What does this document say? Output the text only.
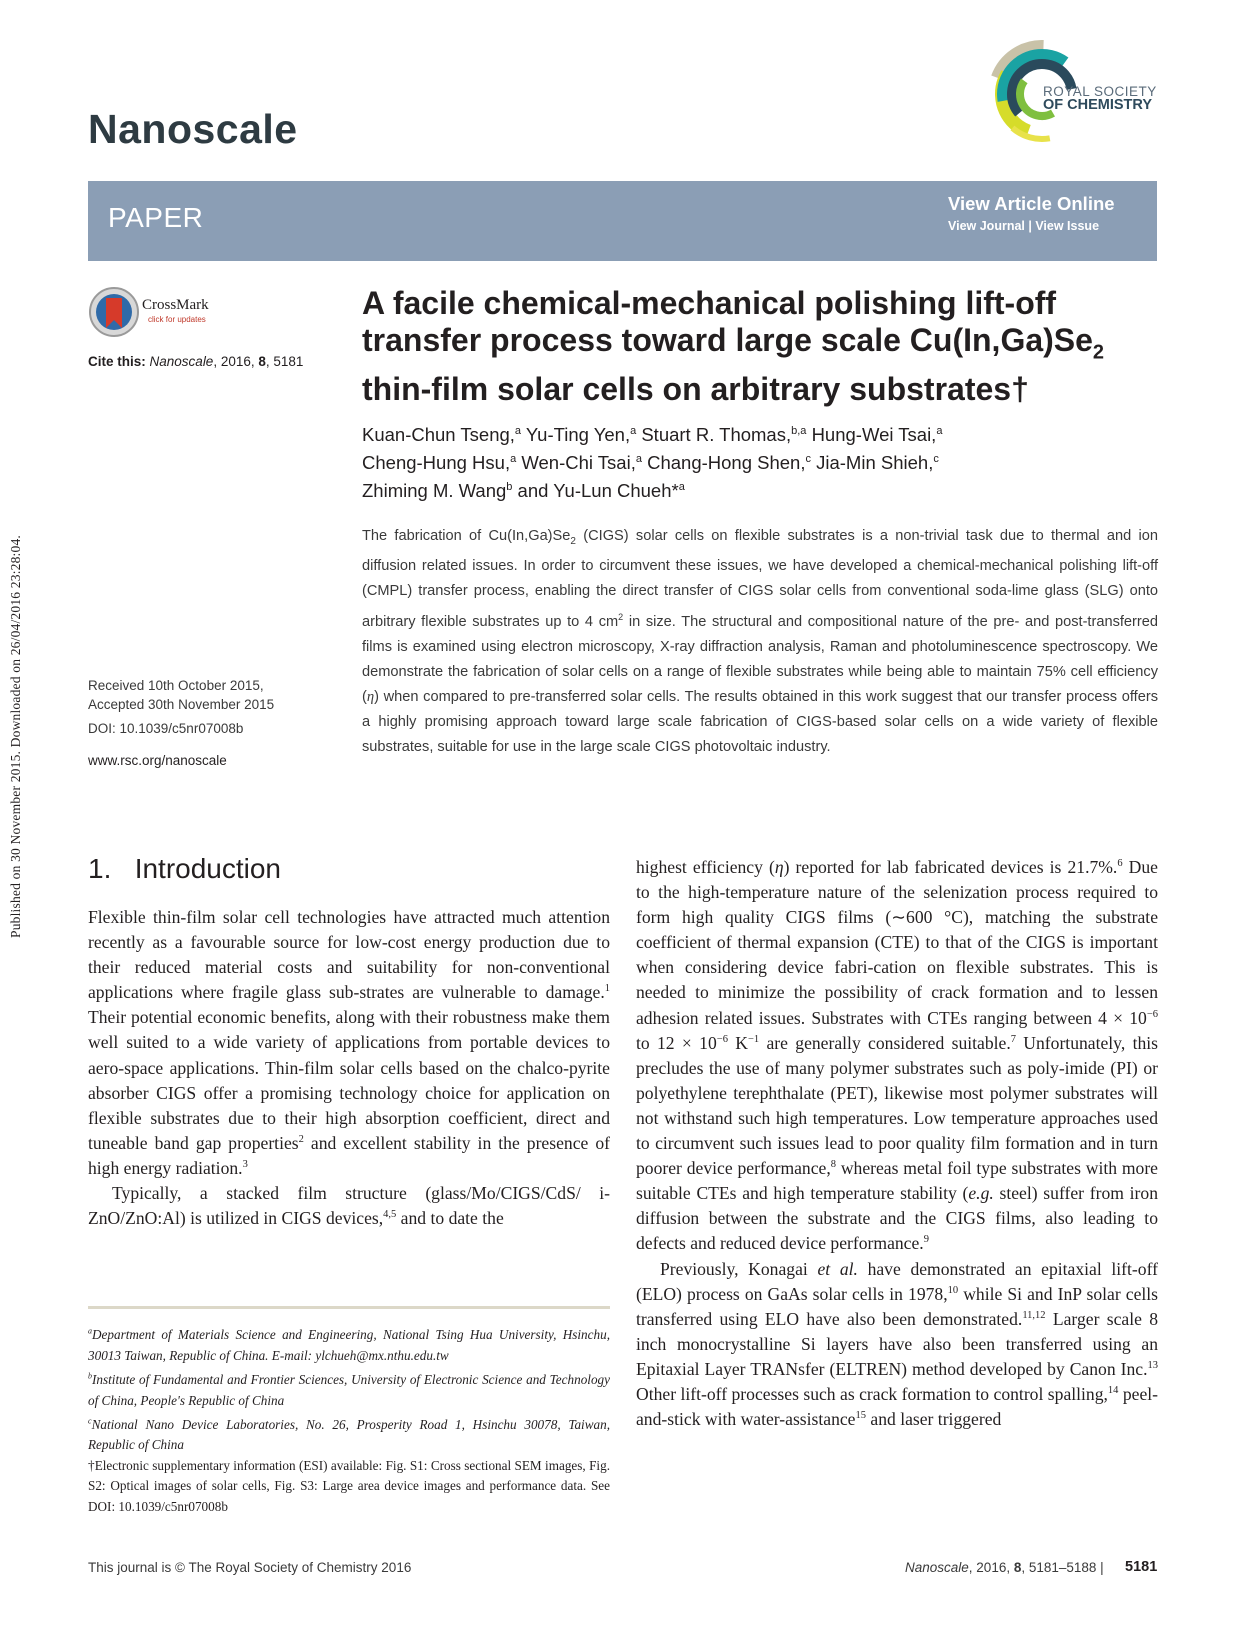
Published on 30 November 2015. Downloaded on 26/04/2016 23:28:04.
Nanoscale
ROYAL SOCIETY
OF CHEMISTRY
PAPER	View Article Online
View Journal | View Issue
CrossMark
click for updates
Cite this: Nanoscale, 2016, 8, 5181
A facile chemical-mechanical polishing lift-off
transfer process toward large scale $Cu(In,Ga)Se_2$
thin-film solar cells on arbitrary substrates†
Kuan-Chun Tseng,$^a$ Yu-Ting Yen,$^a$ Stuart R. Thomas,$^{b,a}$ Hung-Wei Tsai,$^a$
Cheng-Hung Hsu,$^a$ Wen-Chi Tsai,$^a$ Chang-Hong Shen,$^c$ Jia-Min Shieh,$^c$
Zhiming M. Wang$^b$ and Yu-Lun Chueh*$^a$
The fabrication of $Cu(In,Ga)Se_2$ (CIGS) solar cells on flexible substrates is a non-trivial task due to thermal and ion diffusion related issues. In order to circumvent these issues, we have developed a chemical-mechanical polishing lift-off (CMPL) transfer process, enabling the direct transfer of CIGS solar cells from conventional soda-lime glass (SLG) onto arbitrary flexible substrates up to 4 $cm^2$ in size. The structural and compositional nature of the pre- and post-transferred films is examined using electron microscopy, X-ray diffraction analysis, Raman and photoluminescence spectroscopy. We demonstrate the fabrication of solar cells on a range of flexible substrates while being able to maintain 75% cell efficiency (η) when compared to pre-transferred solar cells. The results obtained in this work suggest that our transfer process offers a highly promising approach toward large scale fabrication of CIGS-based solar cells on a wide variety of flexible substrates, suitable for use in the large scale CIGS photovoltaic industry.
Received 10th October 2015,
Accepted 30th November 2015
DOI: 10.1039/c5nr07008b
www.rsc.org/nanoscale
1.   Introduction

Flexible thin-film solar cell technologies have attracted much attention recently as a favourable source for low-cost energy production due to their reduced material costs and suitability for non-conventional applications where fragile glass sub-strates are vulnerable to damage.$^1$ Their potential economic benefits, along with their robustness make them well suited to a wide variety of applications from portable devices to aero-space applications. Thin-film solar cells based on the chalco-pyrite absorber CIGS offer a promising technology choice for application on flexible substrates due to their high absorption coefficient, direct and tuneable band gap properties$^2$ and excellent stability in the presence of high energy radiation.$^3$

Typically, a stacked film structure (glass/Mo/CIGS/CdS/ i-ZnO/ZnO:Al) is utilized in CIGS devices,$^{4,5}$ and to date the

$^a$Department of Materials Science and Engineering, National Tsing Hua University, Hsinchu, 30013 Taiwan, Republic of China. E-mail: ylchueh@mx.nthu.edu.tw

$^b$Institute of Fundamental and Frontier Sciences, University of Electronic Science and Technology of China, People's Republic of China

$^c$National Nano Device Laboratories, No. 26, Prosperity Road 1, Hsinchu 30078, Taiwan, Republic of China

†Electronic supplementary information (ESI) available: Fig. S1: Cross sectional SEM images, Fig. S2: Optical images of solar cells, Fig. S3: Large area device images and performance data. See DOI: 10.1039/c5nr07008b

highest efficiency (η) reported for lab fabricated devices is 21.7%.$^6$ Due to the high-temperature nature of the selenization process required to form high quality CIGS films (∼600 °C), matching the substrate coefficient of thermal expansion (CTE) to that of the CIGS is important when considering device fabri-cation on flexible substrates. This is needed to minimize the possibility of crack formation and to lessen adhesion related issues. Substrates with CTEs ranging between $4 \times 10^{-6}$ to $12 \times 10^{-6}$ $K^{-1}$ are generally considered suitable.$^7$ Unfortunately, this precludes the use of many polymer substrates such as poly-imide (PI) or polyethylene terephthalate (PET), likewise most polymer substrates will not withstand such high temperatures. Low temperature approaches used to circumvent such issues lead to poor quality film formation and in turn poorer device performance,$^8$ whereas metal foil type substrates with more suitable CTEs and high temperature stability (e.g. steel) suffer from iron diffusion between the substrate and the CIGS films, also leading to defects and reduced device performance.$^9$

Previously, Konagai et al. have demonstrated an epitaxial lift-off (ELO) process on GaAs solar cells in 1978,10 while Si and InP solar cells transferred using ELO have also been demonstrated.$^{11,12}$ Larger scale 8 inch monocrystalline Si layers have also been transferred using an Epitaxial Layer TRANsfer (ELTREN) method developed by Canon Inc.$^{13}$ Other lift-off processes such as crack formation to control spalling,$^{14}$ peel-and-stick with water-assistance$^{15}$ and laser triggered

This journal is © The Royal Society of Chemistry 2016	Nanoscale, 2016, 8, 5181–5188 | 5181
